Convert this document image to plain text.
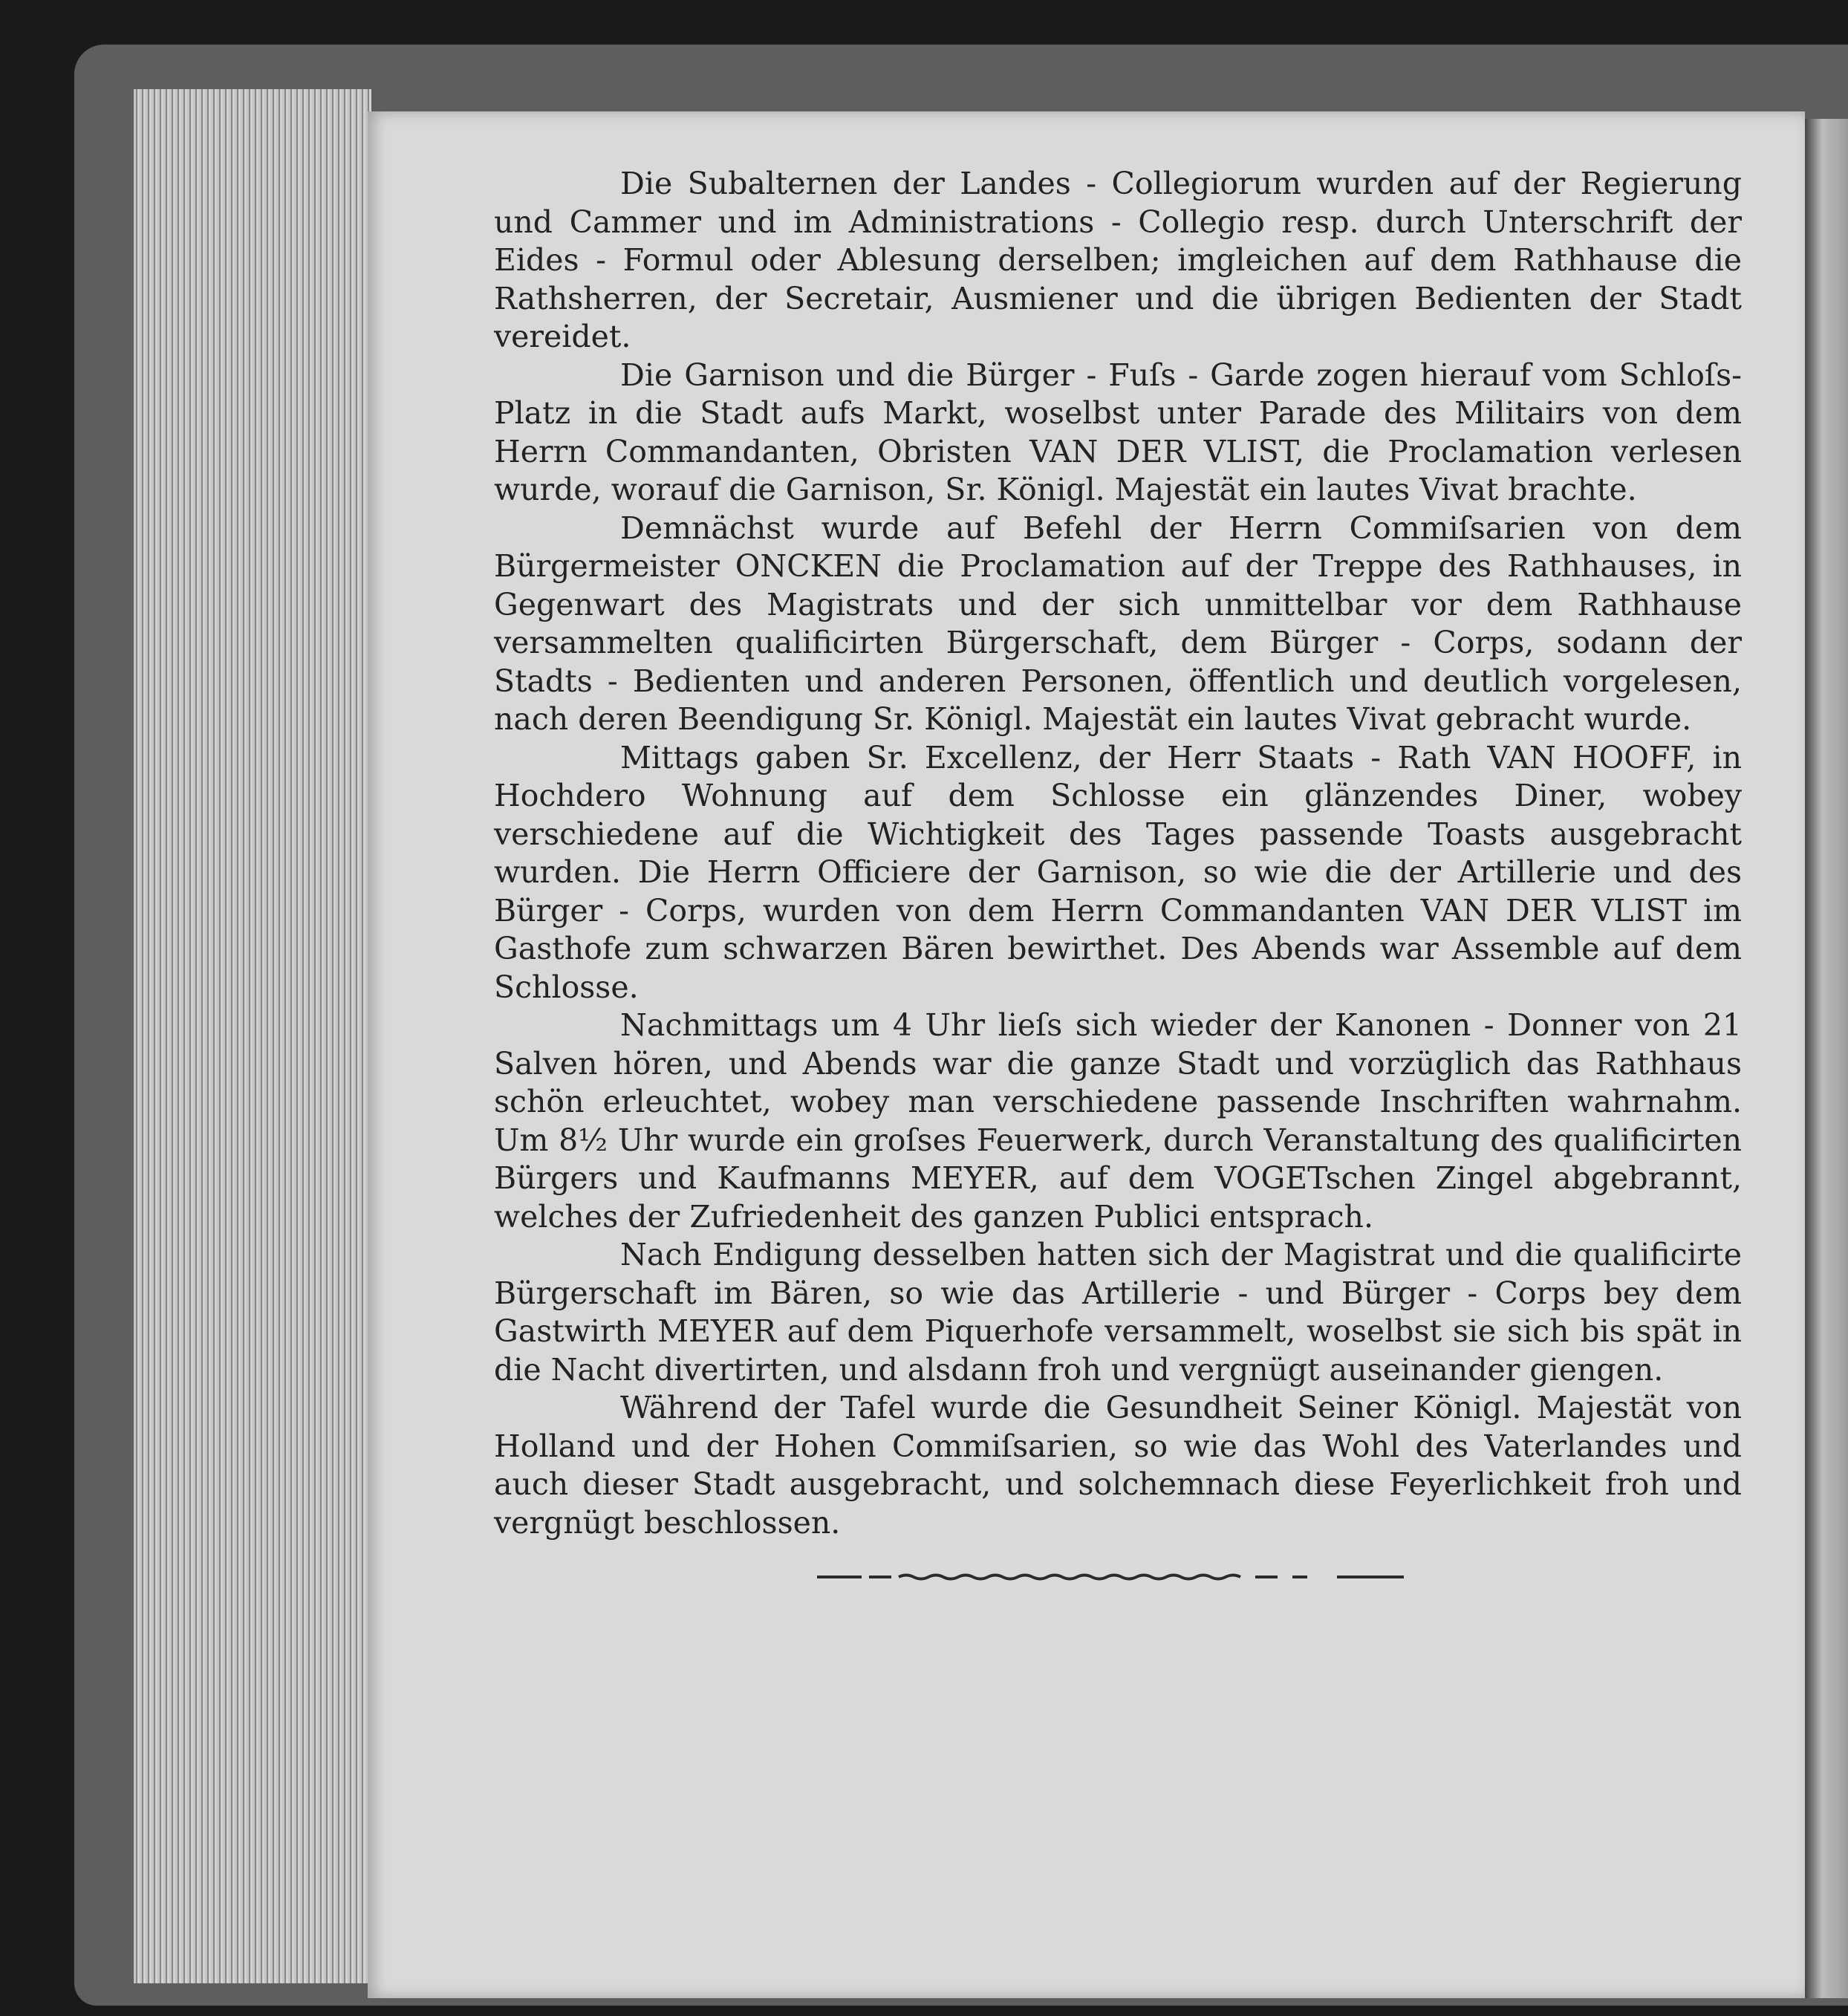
Die Subalternen der Landes - Collegiorum wurden auf der Regierung und Cammer und im Administrations - Collegio resp. durch Unterschrift der Eides - Formul oder Ablesung derselben; imgleichen auf dem Rathhause die Rathsherren, der Secretair, Ausmiener und die übrigen Bedienten der Stadt vereidet.

Die Garnison und die Bürger - Fuſs - Garde zogen hierauf vom Schloſs-Platz in die Stadt aufs Markt, woselbst unter Parade des Militairs von dem Herrn Commandanten, Obristen VAN DER VLIST, die Proclamation verlesen wurde, worauf die Garnison, Sr. Königl. Majestät ein lautes Vivat brachte.

Demnächst wurde auf Befehl der Herrn Commiſsarien von dem Bürgermeister ONCKEN die Proclamation auf der Treppe des Rathhauses, in Gegenwart des Magistrats und der sich unmittelbar vor dem Rathhause versammelten qualificirten Bürgerschaft, dem Bürger - Corps, sodann der Stadts - Bedienten und anderen Personen, öffentlich und deutlich vorgelesen, nach deren Beendigung Sr. Königl. Majestät ein lautes Vivat gebracht wurde.

Mittags gaben Sr. Excellenz, der Herr Staats - Rath VAN HOOFF, in Hochdero Wohnung auf dem Schlosse ein glänzendes Diner, wobey verschiedene auf die Wichtigkeit des Tages passende Toasts ausgebracht wurden. Die Herrn Officiere der Garnison, so wie die der Artillerie und des Bürger - Corps, wurden von dem Herrn Commandanten VAN DER VLIST im Gasthofe zum schwarzen Bären bewirthet. Des Abends war Assemble auf dem Schlosse.

Nachmittags um 4 Uhr lieſs sich wieder der Kanonen - Donner von 21 Salven hören, und Abends war die ganze Stadt und vorzüglich das Rathhaus schön erleuchtet, wobey man verschiedene passende Inschriften wahrnahm. Um 8½ Uhr wurde ein groſses Feuerwerk, durch Veranstaltung des qualificirten Bürgers und Kaufmanns MEYER, auf dem VOGETschen Zingel abgebrannt, welches der Zufriedenheit des ganzen Publici entsprach.

Nach Endigung desselben hatten sich der Magistrat und die qualificirte Bürgerschaft im Bären, so wie das Artillerie - und Bürger - Corps bey dem Gastwirth MEYER auf dem Piquerhofe versammelt, woselbst sie sich bis spät in die Nacht divertirten, und alsdann froh und vergnügt auseinander giengen.

Während der Tafel wurde die Gesundheit Seiner Königl. Majestät von Holland und der Hohen Commiſsarien, so wie das Wohl des Vaterlandes und auch dieser Stadt ausgebracht, und solchemnach diese Feyerlichkeit froh und vergnügt beschlossen.
